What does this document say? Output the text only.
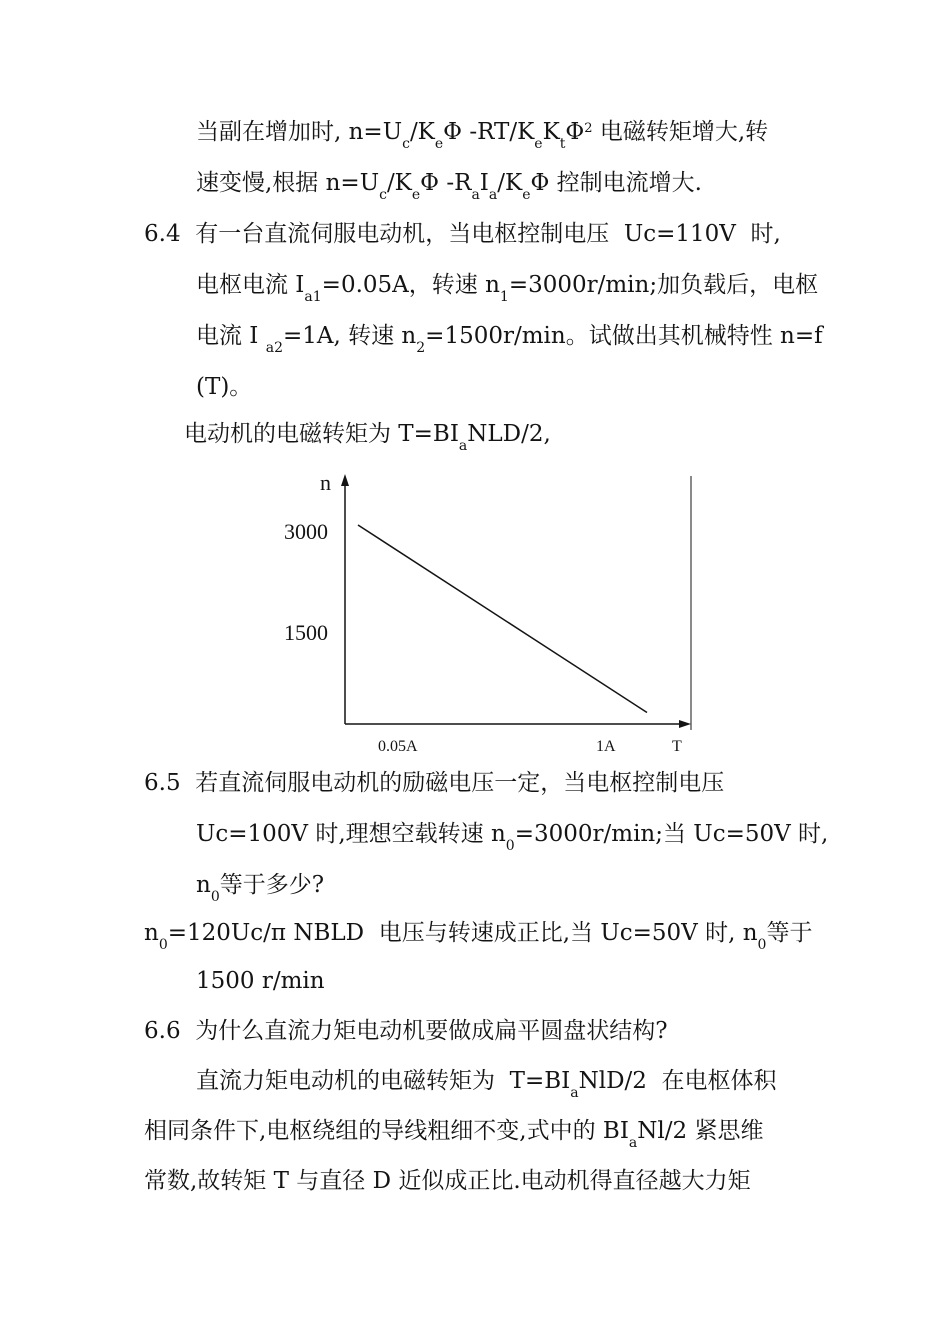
当副在增加时, $n=U_c/K_e\Phi$ $-RT/K_eK_t\Phi^2$ 电磁转矩增大,转
速变慢,根据 $n=U_c/K_e\Phi$ $-R_aI_a/K_e\Phi$ 控制电流增大.
6.4  有一台直流伺服电动机，当电枢控制电压  Uc=110V  时,
电枢电流 $I_{a1}=0.05A$，转速 $n_1=3000r/\min$;加负载后，电枢
电流 I $_{a2}$=1A, 转速 $n_2=1500r/\min$。试做出其机械特性 n=f
(T)。
电动机的电磁转矩为 $T=BI_aNLD/2$,
6.5  若直流伺服电动机的励磁电压一定，当电枢控制电压
Uc=100V 时,理想空载转速 $n_0=3000r/\min$;当 Uc=50V 时,
$n_0$等于多少?
$n_0=120Uc/\pi$ NBLD  电压与转速成正比,当 Uc=50V 时, $n_0$等于
1500 r/min
6.6  为什么直流力矩电动机要做成扁平圆盘状结构?
直流力矩电动机的电磁转矩为  $T=BI_aNlD/2$  在电枢体积
相同条件下,电枢绕组的导线粗细不变,式中的 $BI_aNl/2$ 紧思维
常数,故转矩 T 与直径 D 近似成正比.电动机得直径越大力矩
n
T
3000
1500
0.05A	1A
